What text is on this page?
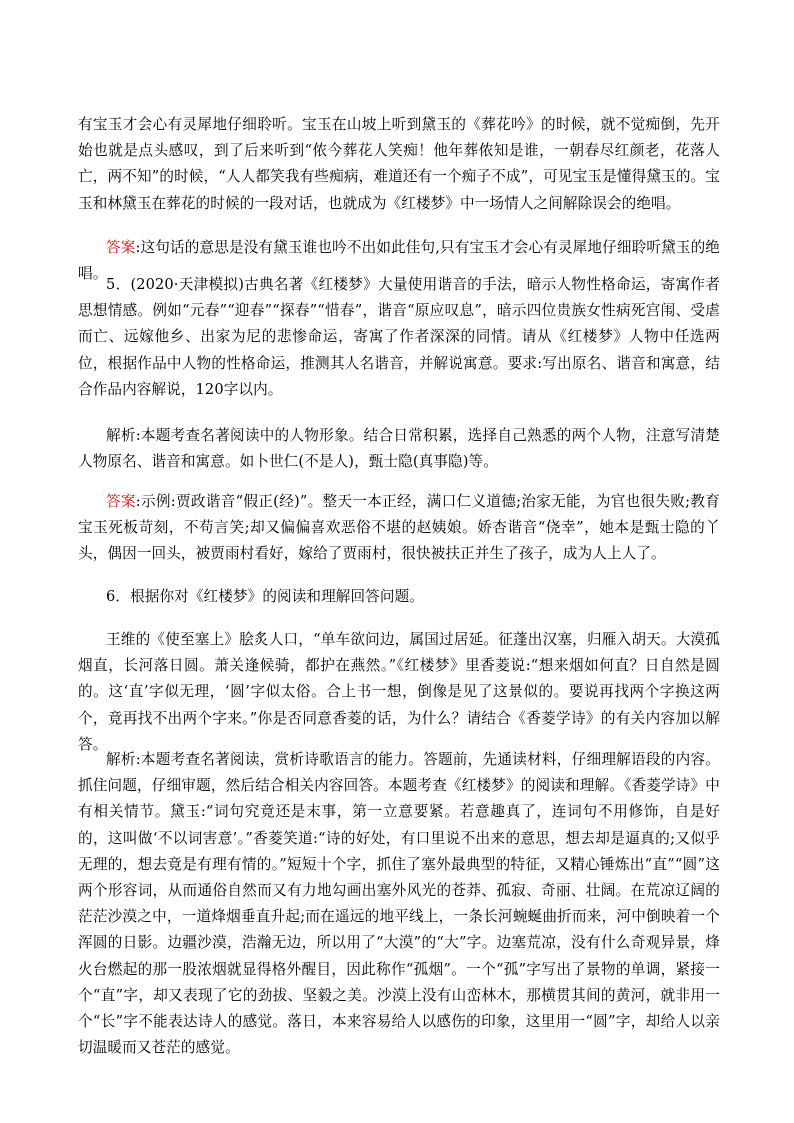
有宝玉才会心有灵犀地仔细聆听。宝玉在山坡上听到黛玉的《葬花吟》的时候，就不觉痴倒，先开始也就是点头感叹，到了后来听到“侬今葬花人笑痴！他年葬侬知是谁，一朝春尽红颜老，花落人亡，两不知”的时候，“人人都笑我有些痴病，难道还有一个痴子不成”，可见宝玉是懂得黛玉的。宝玉和林黛玉在葬花的时候的一段对话，也就成为《红楼梦》中一场情人之间解除误会的绝唱。

答案:这句话的意思是没有黛玉谁也吟不出如此佳句,只有宝玉才会心有灵犀地仔细聆听黛玉的绝唱。

5．(2020·天津模拟)古典名著《红楼梦》大量使用谐音的手法，暗示人物性格命运，寄寓作者思想情感。例如“元春”“迎春”“探春”“惜春”，谐音“原应叹息”，暗示四位贵族女性病死宫闱、受虐而亡、远嫁他乡、出家为尼的悲惨命运，寄寓了作者深深的同情。请从《红楼梦》人物中任选两位，根据作品中人物的性格命运，推测其人名谐音，并解说寓意。要求:写出原名、谐音和寓意，结合作品内容解说，120字以内。

解析:本题考查名著阅读中的人物形象。结合日常积累，选择自己熟悉的两个人物，注意写清楚人物原名、谐音和寓意。如卜世仁(不是人)，甄士隐(真事隐)等。

答案:示例:贾政谐音“假正(经)”。整天一本正经，满口仁义道德;治家无能，为官也很失败;教育宝玉死板苛刻，不苟言笑;却又偏偏喜欢恶俗不堪的赵姨娘。娇杏谐音“侥幸”，她本是甄士隐的丫头，偶因一回头，被贾雨村看好，嫁给了贾雨村，很快被扶正并生了孩子，成为人上人了。

6．根据你对《红楼梦》的阅读和理解回答问题。

王维的《使至塞上》脍炙人口，“单车欲问边，属国过居延。征蓬出汉塞，归雁入胡天。大漠孤烟直，长河落日圆。萧关逢候骑，都护在燕然。”《红楼梦》里香菱说:“想来烟如何直？日自然是圆的。这‘直’字似无理，‘圆’字似太俗。合上书一想，倒像是见了这景似的。要说再找两个字换这两个，竟再找不出两个字来。”你是否同意香菱的话，为什么？请结合《香菱学诗》的有关内容加以解答。

解析:本题考查名著阅读，赏析诗歌语言的能力。答题前，先通读材料，仔细理解语段的内容。抓住问题，仔细审题，然后结合相关内容回答。本题考查《红楼梦》的阅读和理解。《香菱学诗》中有相关情节。黛玉:“词句究竟还是末事，第一立意要紧。若意趣真了，连词句不用修饰，自是好的，这叫做‘不以词害意’。”香菱笑道:“诗的好处，有口里说不出来的意思，想去却是逼真的;又似乎无理的，想去竟是有理有情的。”短短十个字，抓住了塞外最典型的特征，又精心锤炼出“直”“圆”这两个形容词，从而通俗自然而又有力地勾画出塞外风光的苍莽、孤寂、奇丽、壮阔。在荒凉辽阔的茫茫沙漠之中，一道烽烟垂直升起;而在遥远的地平线上，一条长河蜿蜒曲折而来，河中倒映着一个浑圆的日影。边疆沙漠，浩瀚无边，所以用了“大漠”的“大”字。边塞荒凉，没有什么奇观异景，烽火台燃起的那一股浓烟就显得格外醒目，因此称作“孤烟”。一个“孤”字写出了景物的单调，紧接一个“直”字，却又表现了它的劲拔、坚毅之美。沙漠上没有山峦林木，那横贯其间的黄河，就非用一个“长”字不能表达诗人的感觉。落日，本来容易给人以感伤的印象，这里用一“圆”字，却给人以亲切温暖而又苍茫的感觉。
